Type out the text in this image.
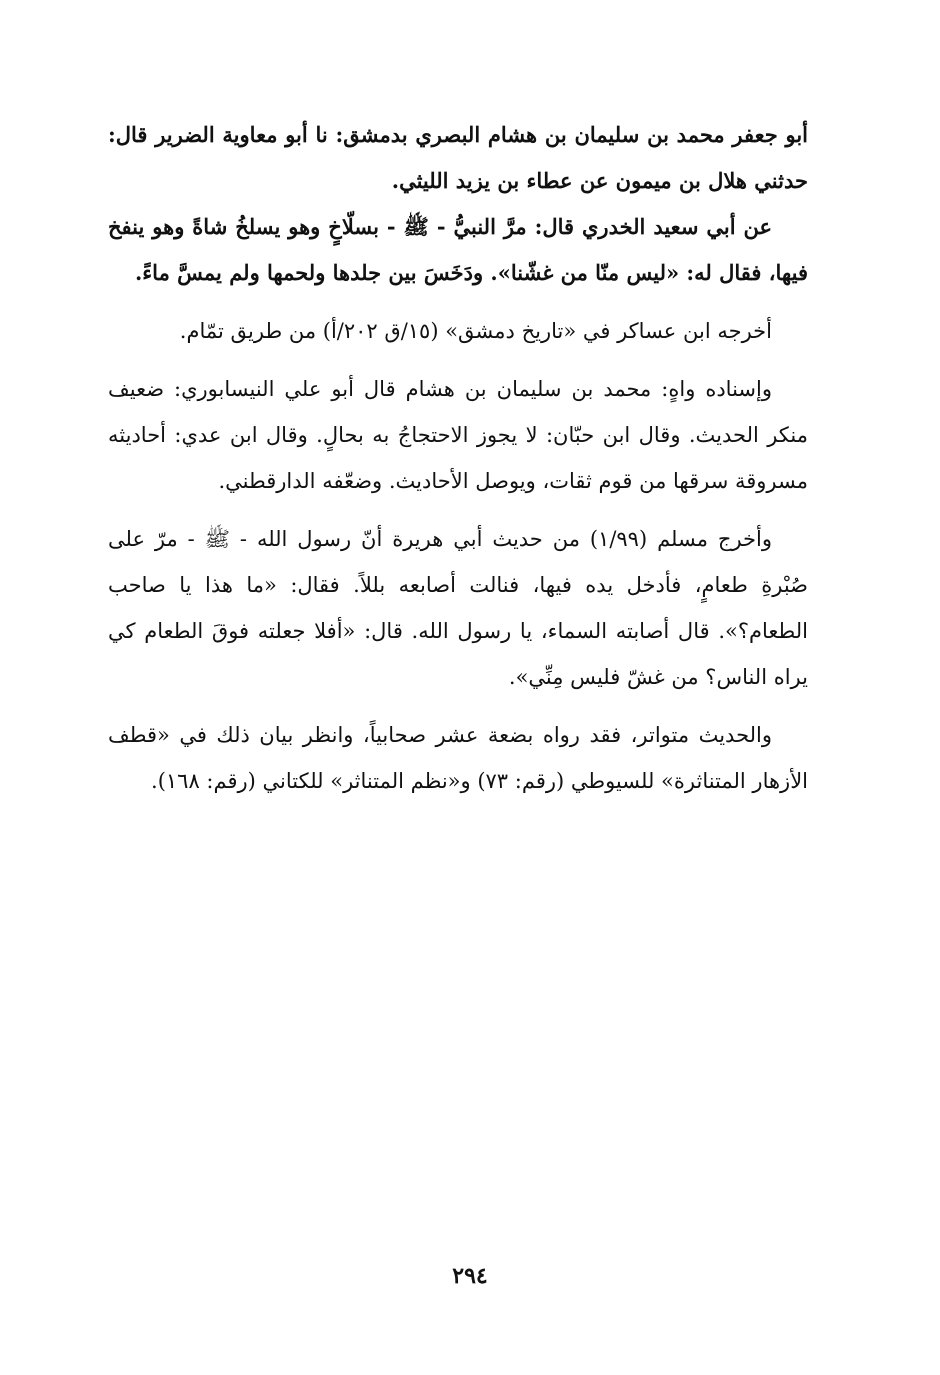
أبو جعفر محمد بن سليمان بن هشام البصري بدمشق: نا أبو معاوية الضرير قال: حدثني هلال بن ميمون عن عطاء بن يزيد الليثي.

عن أبي سعيد الخدري قال: مرَّ النبيُّ - ﷺ - بسلّاخٍ وهو يسلخُ شاةً وهو ينفخ فيها، فقال له: «ليس منّا من غشّنا». ودَخَسَ بين جلدها ولحمها ولم يمسَّ ماءً.

أخرجه ابن عساكر في «تاريخ دمشق» (١٥/ق ٢٠٢/أ) من طريق تمّام.

وإسناده واهٍ: محمد بن سليمان بن هشام قال أبو علي النيسابوري: ضعيف منكر الحديث. وقال ابن حبّان: لا يجوز الاحتجاجُ به بحالٍ. وقال ابن عدي: أحاديثه مسروقة سرقها من قوم ثقات، ويوصل الأحاديث. وضعّفه الدارقطني.

وأخرج مسلم (١/٩٩) من حديث أبي هريرة أنّ رسول الله - ﷺ - مرّ على صُبْرةِ طعامٍ، فأدخل يده فيها، فنالت أصابعه بللاً. فقال: «ما هذا يا صاحب الطعام؟». قال أصابته السماء، يا رسول الله. قال: «أفلا جعلته فوقَ الطعام كي يراه الناس؟ من غشّ فليس مِنِّي».

والحديث متواتر، فقد رواه بضعة عشر صحابياً، وانظر بيان ذلك في «قطف الأزهار المتناثرة» للسيوطي (رقم: ٧٣) و«نظم المتناثر» للكتاني (رقم: ١٦٨).

٢٩٤
